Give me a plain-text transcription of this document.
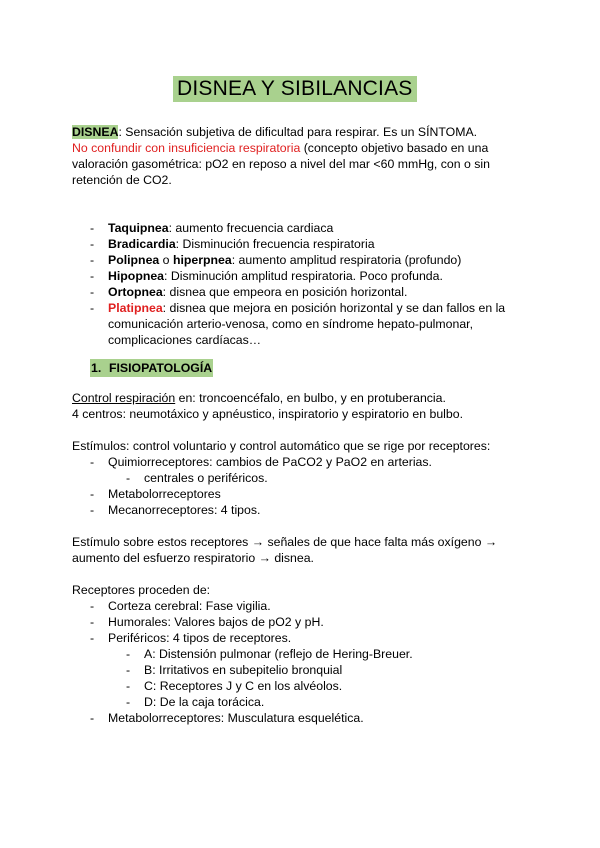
DISNEA Y SIBILANCIAS

DISNEA: Sensación subjetiva de dificultad para respirar. Es un SÍNTOMA.

No confundir con insuficiencia respiratoria (concepto objetivo basado en una valoración gasométrica: pO2 en reposo a nivel del mar <60 mmHg, con o sin retención de CO2.

- Taquipnea: aumento frecuencia cardiaca
- Bradicardia: Disminución frecuencia respiratoria
- Polipnea o hiperpnea: aumento amplitud respiratoria (profundo)
- Hipopnea: Disminución amplitud respiratoria. Poco profunda.
- Ortopnea: disnea que empeora en posición horizontal.
- Platipnea: disnea que mejora en posición horizontal y se dan fallos en la comunicación arterio-venosa, como en síndrome hepato-pulmonar, complicaciones cardíacas…
1. FISIOPATOLOGÍA

Control respiración en: troncoencéfalo, en bulbo, y en protuberancia.

4 centros: neumotáxico y apnéustico, inspiratorio y espiratorio en bulbo.

Estímulos: control voluntario y control automático que se rige por receptores:

- Quimiorreceptores: cambios de PaCO2 y PaO2 en arterias.
- centrales o periféricos.
- Metabolorreceptores
- Mecanorreceptores: 4 tipos.

Estímulo sobre estos receptores → señales de que hace falta más oxígeno → aumento del esfuerzo respiratorio → disnea.

Receptores proceden de:

- Corteza cerebral: Fase vigilia.
- Humorales: Valores bajos de pO2 y pH.
- Periféricos: 4 tipos de receptores.
- A: Distensión pulmonar (reflejo de Hering-Breuer.
- B: Irritativos en subepitelio bronquial
- C: Receptores J y C en los alvéolos.
- D: De la caja torácica.
- Metabolorreceptores: Musculatura esquelética.
